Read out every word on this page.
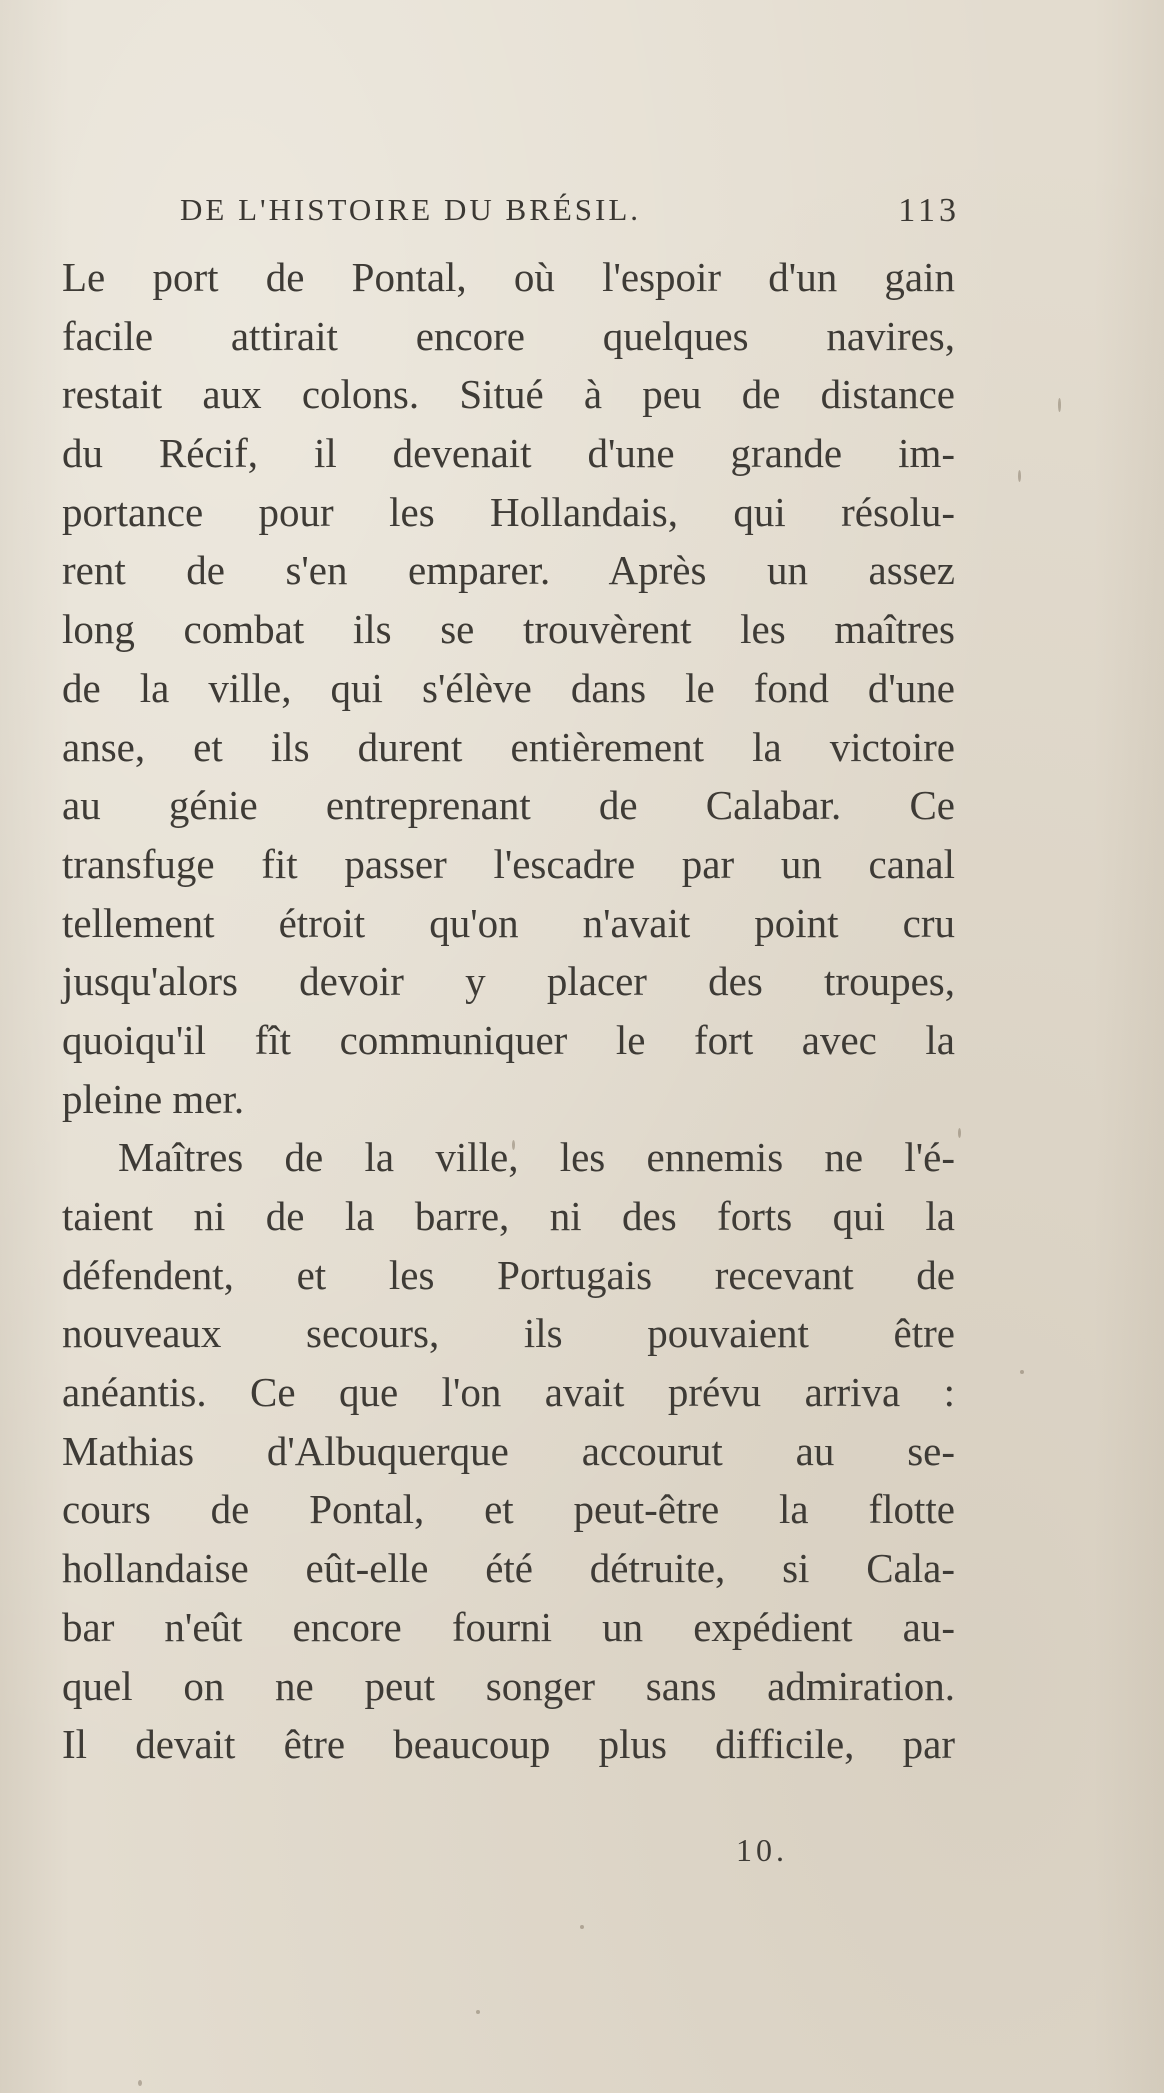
DE L'HISTOIRE DU BRÉSIL.	113
Le port de Pontal, où l'espoir d'un gain
facile attirait encore quelques navires,
restait aux colons. Situé à peu de distance
du Récif, il devenait d'une grande im-
portance pour les Hollandais, qui résolu-
rent de s'en emparer. Après un assez
long combat ils se trouvèrent les maîtres
de la ville, qui s'élève dans le fond d'une
anse, et ils durent entièrement la victoire
au génie entreprenant de Calabar. Ce
transfuge fit passer l'escadre par un canal
tellement étroit qu'on n'avait point cru
jusqu'alors devoir y placer des troupes,
quoiqu'il fît communiquer le fort avec la
pleine mer.
Maîtres de la ville, les ennemis ne l'é-
taient ni de la barre, ni des forts qui la
défendent, et les Portugais recevant de
nouveaux secours, ils pouvaient être
anéantis. Ce que l'on avait prévu arriva :
Mathias d'Albuquerque accourut au se-
cours de Pontal, et peut-être la flotte
hollandaise eût-elle été détruite, si Cala-
bar n'eût encore fourni un expédient au-
quel on ne peut songer sans admiration.
Il devait être beaucoup plus difficile, par
10.
